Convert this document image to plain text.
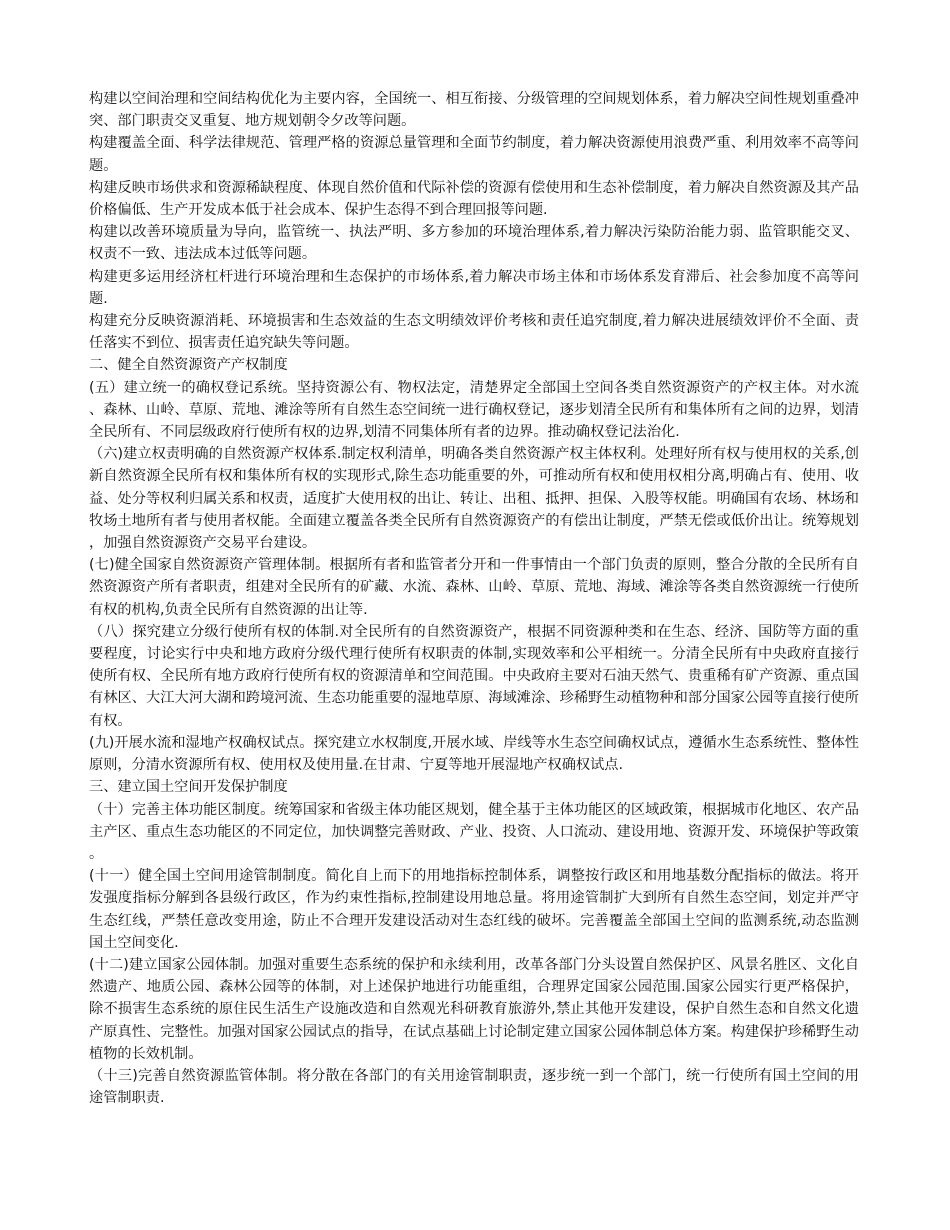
构建以空间治理和空间结构优化为主要内容，全国统一、相互衔接、分级管理的空间规划体系，着力解决空间性规划重叠冲突、部门职责交叉重复、地方规划朝令夕改等问题。

构建覆盖全面、科学法律规范、管理严格的资源总量管理和全面节约制度，着力解决资源使用浪费严重、利用效率不高等问题。

构建反映市场供求和资源稀缺程度、体现自然价值和代际补偿的资源有偿使用和生态补偿制度，着力解决自然资源及其产品价格偏低、生产开发成本低于社会成本、保护生态得不到合理回报等问题.

构建以改善环境质量为导向，监管统一、执法严明、多方参加的环境治理体系,着力解决污染防治能力弱、监管职能交叉、权责不一致、违法成本过低等问题。

构建更多运用经济杠杆进行环境治理和生态保护的市场体系,着力解决市场主体和市场体系发育滞后、社会参加度不高等问题.

构建充分反映资源消耗、环境损害和生态效益的生态文明绩效评价考核和责任追究制度,着力解决进展绩效评价不全面、责任落实不到位、损害责任追究缺失等问题。

二、健全自然资源资产产权制度

(五）建立统一的确权登记系统。坚持资源公有、物权法定，清楚界定全部国土空间各类自然资源资产的产权主体。对水流、森林、山岭、草原、荒地、滩涂等所有自然生态空间统一进行确权登记，逐步划清全民所有和集体所有之间的边界，划清全民所有、不同层级政府行使所有权的边界,划清不同集体所有者的边界。推动确权登记法治化.

（六)建立权责明确的自然资源产权体系.制定权利清单，明确各类自然资源产权主体权利。处理好所有权与使用权的关系,创新自然资源全民所有权和集体所有权的实现形式,除生态功能重要的外，可推动所有权和使用权相分离,明确占有、使用、收益、处分等权利归属关系和权责，适度扩大使用权的出让、转让、出租、抵押、担保、入股等权能。明确国有农场、林场和牧场土地所有者与使用者权能。全面建立覆盖各类全民所有自然资源资产的有偿出让制度，严禁无偿或低价出让。统筹规划，加强自然资源资产交易平台建设。

(七)健全国家自然资源资产管理体制。根据所有者和监管者分开和一件事情由一个部门负责的原则，整合分散的全民所有自然资源资产所有者职责，组建对全民所有的矿藏、水流、森林、山岭、草原、荒地、海域、滩涂等各类自然资源统一行使所有权的机构,负责全民所有自然资源的出让等.

（八）探究建立分级行使所有权的体制.对全民所有的自然资源资产，根据不同资源种类和在生态、经济、国防等方面的重要程度，讨论实行中央和地方政府分级代理行使所有权职责的体制,实现效率和公平相统一。分清全民所有中央政府直接行使所有权、全民所有地方政府行使所有权的资源清单和空间范围。中央政府主要对石油天然气、贵重稀有矿产资源、重点国有林区、大江大河大湖和跨境河流、生态功能重要的湿地草原、海域滩涂、珍稀野生动植物种和部分国家公园等直接行使所有权。

(九)开展水流和湿地产权确权试点。探究建立水权制度,开展水域、岸线等水生态空间确权试点，遵循水生态系统性、整体性原则，分清水资源所有权、使用权及使用量.在甘肃、宁夏等地开展湿地产权确权试点.

三、建立国土空间开发保护制度

（十）完善主体功能区制度。统筹国家和省级主体功能区规划，健全基于主体功能区的区域政策，根据城市化地区、农产品主产区、重点生态功能区的不同定位，加快调整完善财政、产业、投资、人口流动、建设用地、资源开发、环境保护等政策。

(十一）健全国土空间用途管制制度。简化自上而下的用地指标控制体系，调整按行政区和用地基数分配指标的做法。将开发强度指标分解到各县级行政区，作为约束性指标,控制建设用地总量。将用途管制扩大到所有自然生态空间，划定并严守生态红线，严禁任意改变用途，防止不合理开发建设活动对生态红线的破坏。完善覆盖全部国土空间的监测系统,动态监测国土空间变化.

(十二)建立国家公园体制。加强对重要生态系统的保护和永续利用，改革各部门分头设置自然保护区、风景名胜区、文化自然遗产、地质公园、森林公园等的体制，对上述保护地进行功能重组，合理界定国家公园范围.国家公园实行更严格保护，除不损害生态系统的原住民生活生产设施改造和自然观光科研教育旅游外,禁止其他开发建设，保护自然生态和自然文化遗产原真性、完整性。加强对国家公园试点的指导，在试点基础上讨论制定建立国家公园体制总体方案。构建保护珍稀野生动植物的长效机制。

（十三)完善自然资源监管体制。将分散在各部门的有关用途管制职责，逐步统一到一个部门，统一行使所有国土空间的用途管制职责.
